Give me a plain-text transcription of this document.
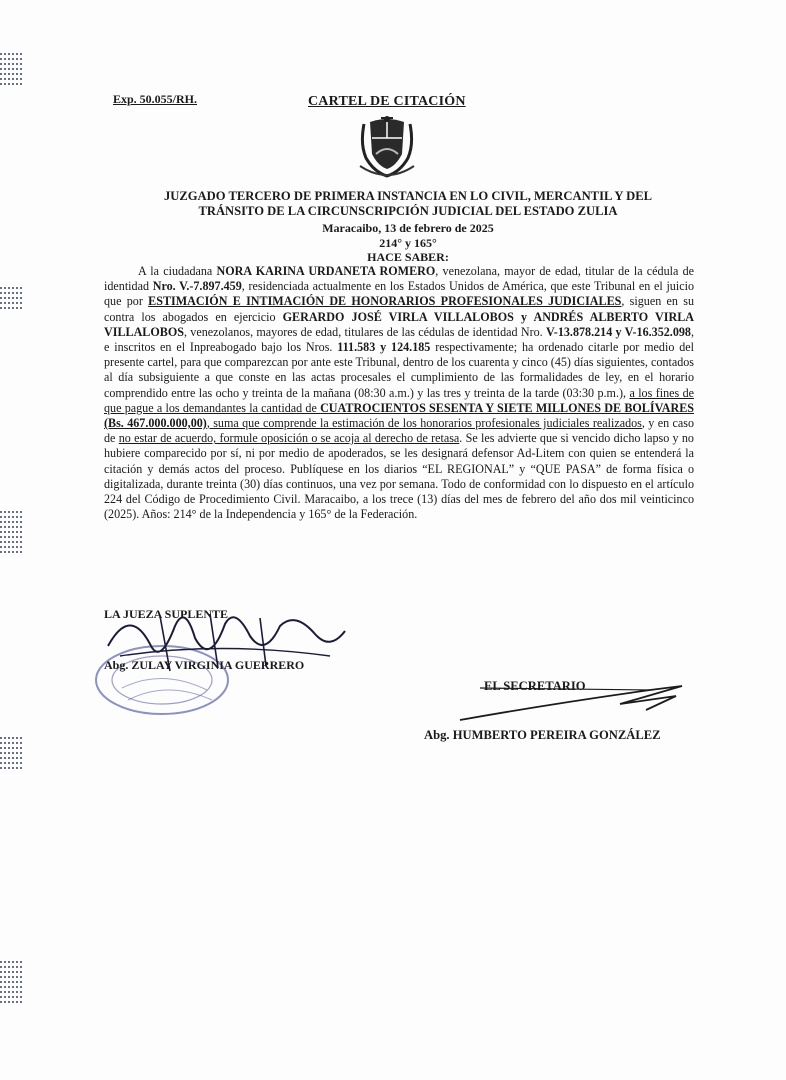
Exp. 50.055/RH.	CARTEL DE CITACIÓN
JUZGADO TERCERO DE PRIMERA INSTANCIA EN LO CIVIL, MERCANTIL Y DEL
TRÁNSITO DE LA CIRCUNSCRIPCIÓN JUDICIAL DEL ESTADO ZULIA
Maracaibo, 13 de febrero de 2025
214° y 165°
HACE SABER:
A la ciudadana NORA KARINA URDANETA ROMERO, venezolana, mayor de edad, titular de la cédula de identidad Nro. V.-7.897.459, residenciada actualmente en los Estados Unidos de América, que este Tribunal en el juicio que por ESTIMACIÓN E INTIMACIÓN DE HONORARIOS PROFESIONALES JUDICIALES, siguen en su contra los abogados en ejercicio GERARDO JOSÉ VIRLA VILLALOBOS y ANDRÉS ALBERTO VIRLA VILLALOBOS, venezolanos, mayores de edad, titulares de las cédulas de identidad Nro. V-13.878.214 y V-16.352.098, e inscritos en el Inpreabogado bajo los Nros. 111.583 y 124.185 respectivamente; ha ordenado citarle por medio del presente cartel, para que comparezcan por ante este Tribunal, dentro de los cuarenta y cinco (45) días siguientes, contados al día subsiguiente a que conste en las actas procesales el cumplimiento de las formalidades de ley, en el horario comprendido entre las ocho y treinta de la mañana (08:30 a.m.) y las tres y treinta de la tarde (03:30 p.m.), a los fines de que pague a los demandantes la cantidad de CUATROCIENTOS SESENTA Y SIETE MILLONES DE BOLÍVARES (Bs. 467.000.000,00), suma que comprende la estimación de los honorarios profesionales judiciales realizados, y en caso de no estar de acuerdo, formule oposición o se acoja al derecho de retasa. Se les advierte que si vencido dicho lapso y no hubiere comparecido por sí, ni por medio de apoderados, se les designará defensor Ad-Litem con quien se entenderá la citación y demás actos del proceso. Publíquese en los diarios “EL REGIONAL” y “QUE PASA” de forma física o digitalizada, durante treinta (30) días continuos, una vez por semana. Todo de conformidad con lo dispuesto en el artículo 224 del Código de Procedimiento Civil. Maracaibo, a los trece (13) días del mes de febrero del año dos mil veinticinco (2025). Años: 214° de la Independencia y 165° de la Federación.
LA JUEZA SUPLENTE
Abg. ZULAY VIRGINIA GUERRERO
EL SECRETARIO
Abg. HUMBERTO PEREIRA GONZÁLEZ
